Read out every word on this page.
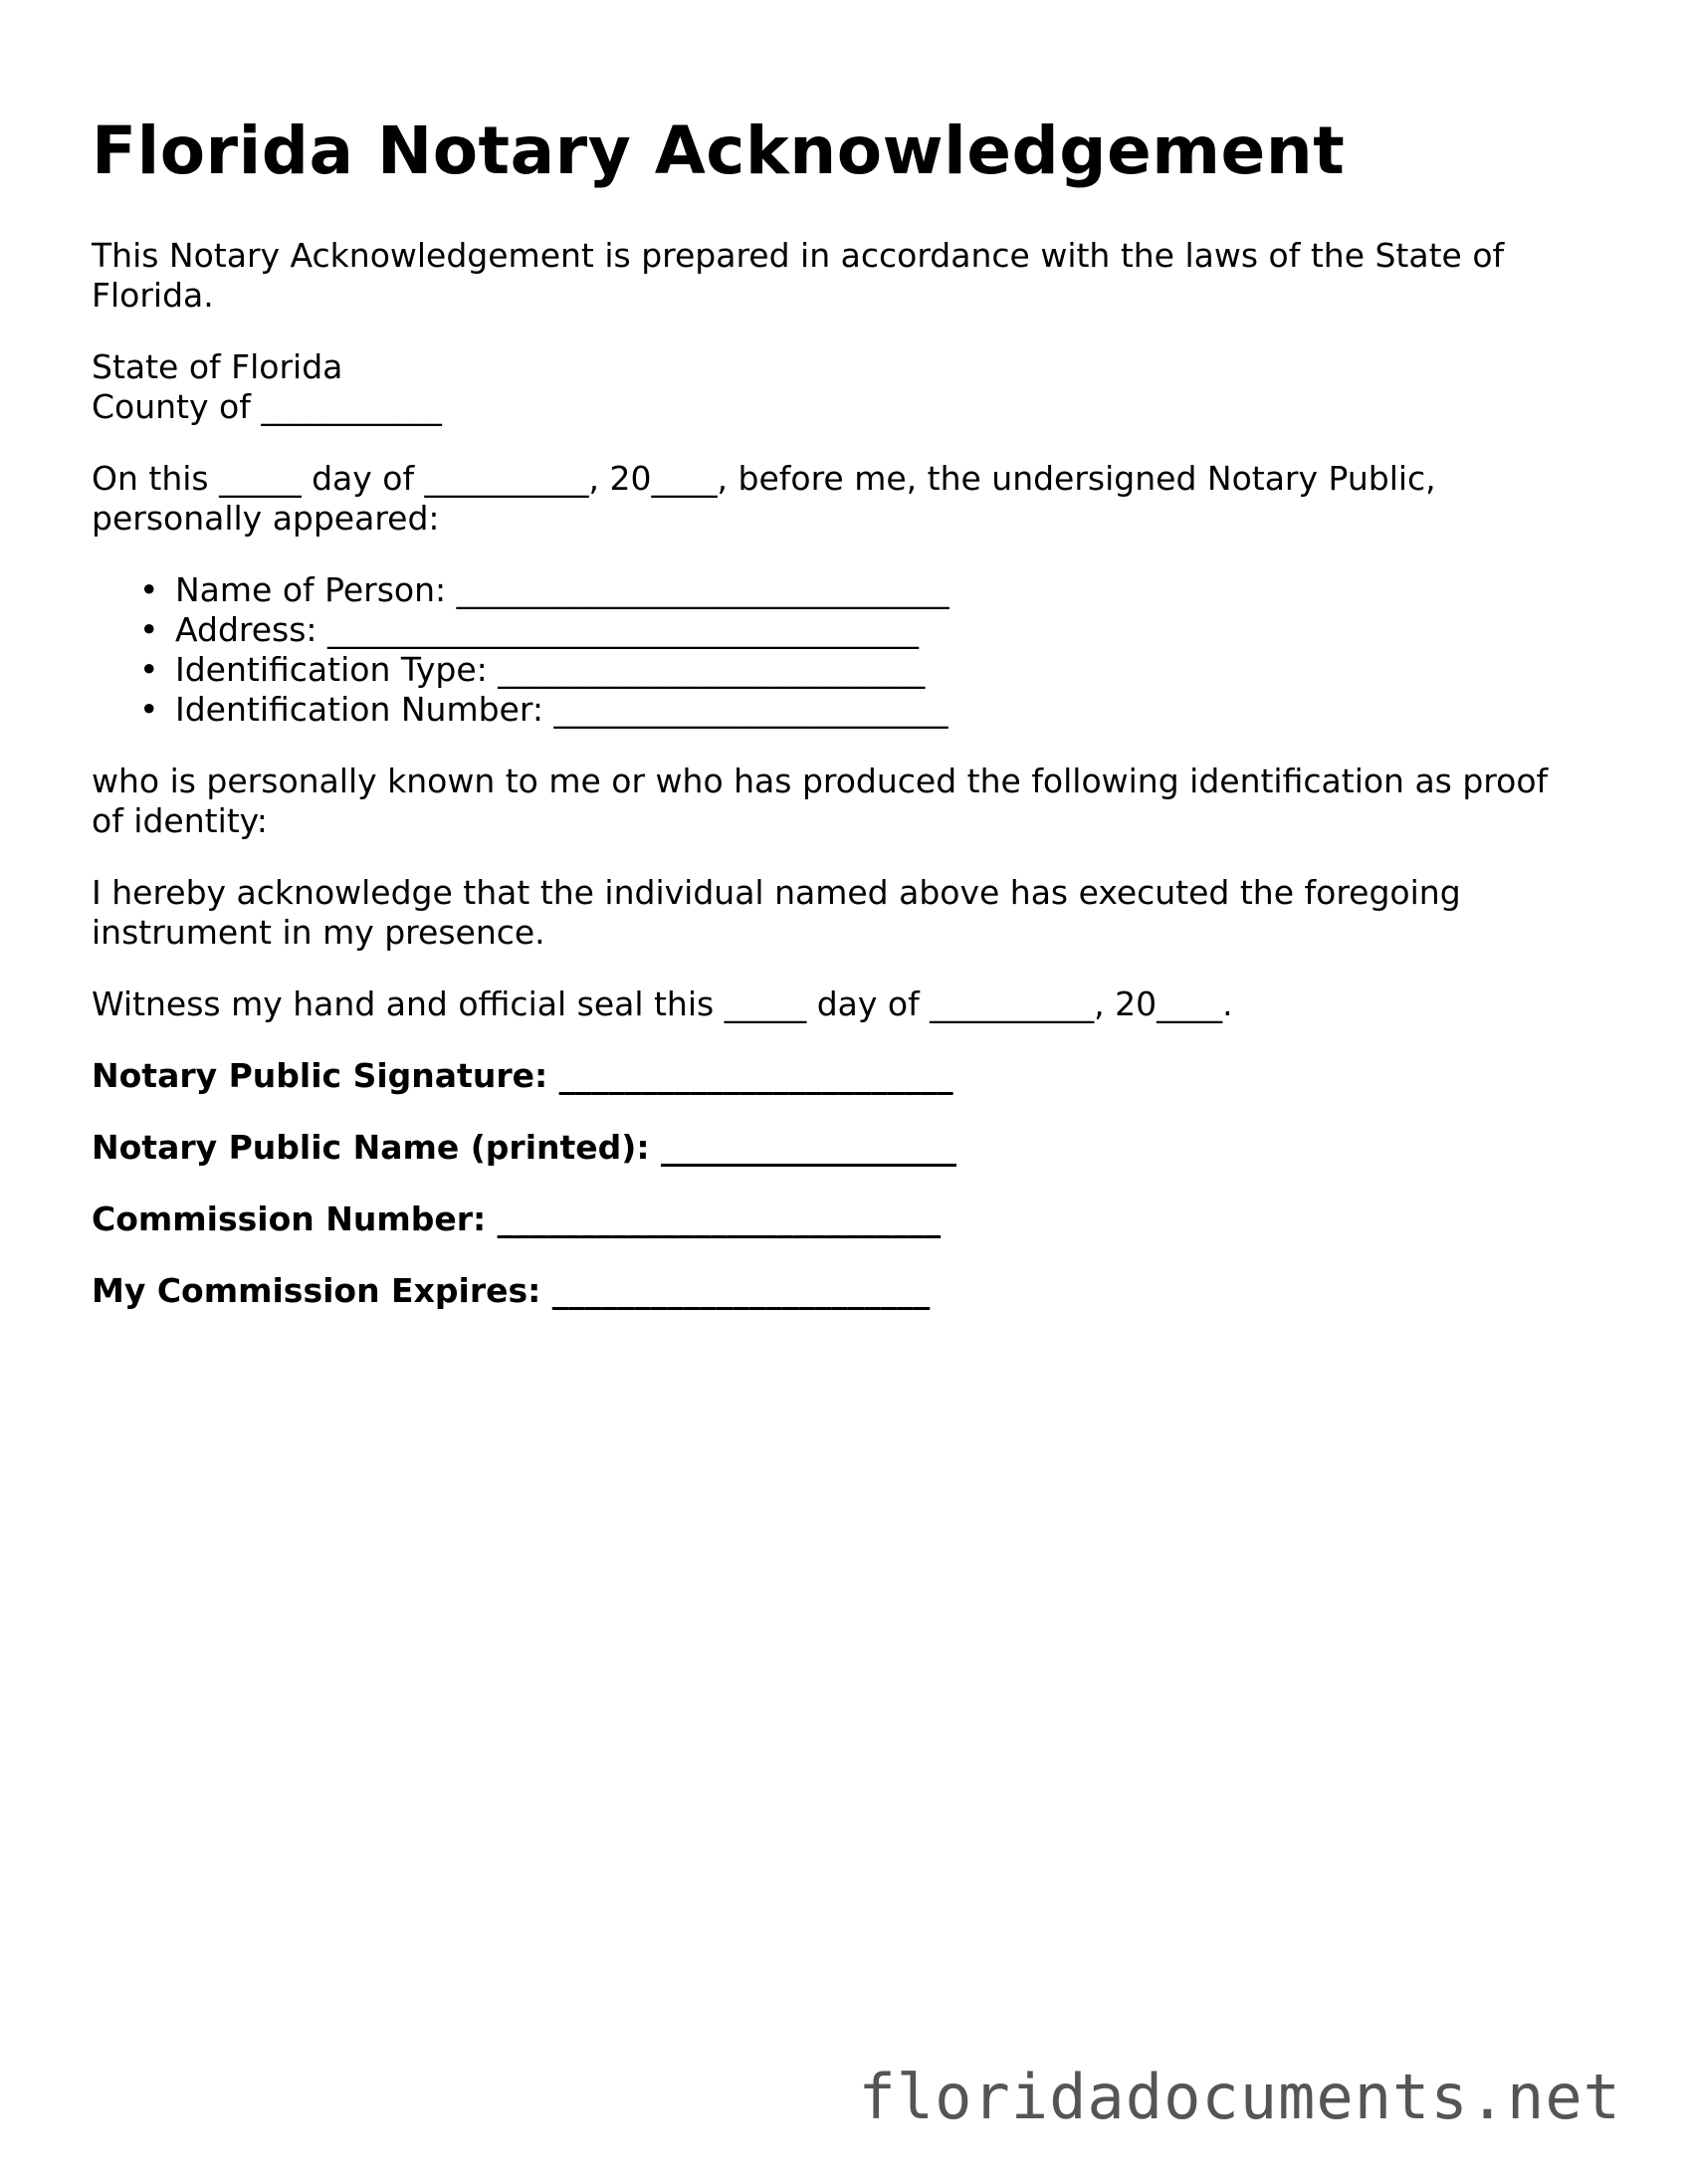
Florida Notary Acknowledgement

This Notary Acknowledgement is prepared in accordance with the laws of the State of Florida.

State of Florida
County of ___________

On this _____ day of __________, 20____, before me, the undersigned Notary Public, personally appeared:

• Name of Person: ______________________________
• Address: ____________________________________
• Identification Type: __________________________
• Identification Number: ________________________

who is personally known to me or who has produced the following identification as proof of identity:

I hereby acknowledge that the individual named above has executed the foregoing instrument in my presence.

Witness my hand and official seal this _____ day of __________, 20____.

Notary Public Signature: ________________________

Notary Public Name (printed): __________________

Commission Number: ___________________________

My Commission Expires: _______________________

floridadocuments.net
